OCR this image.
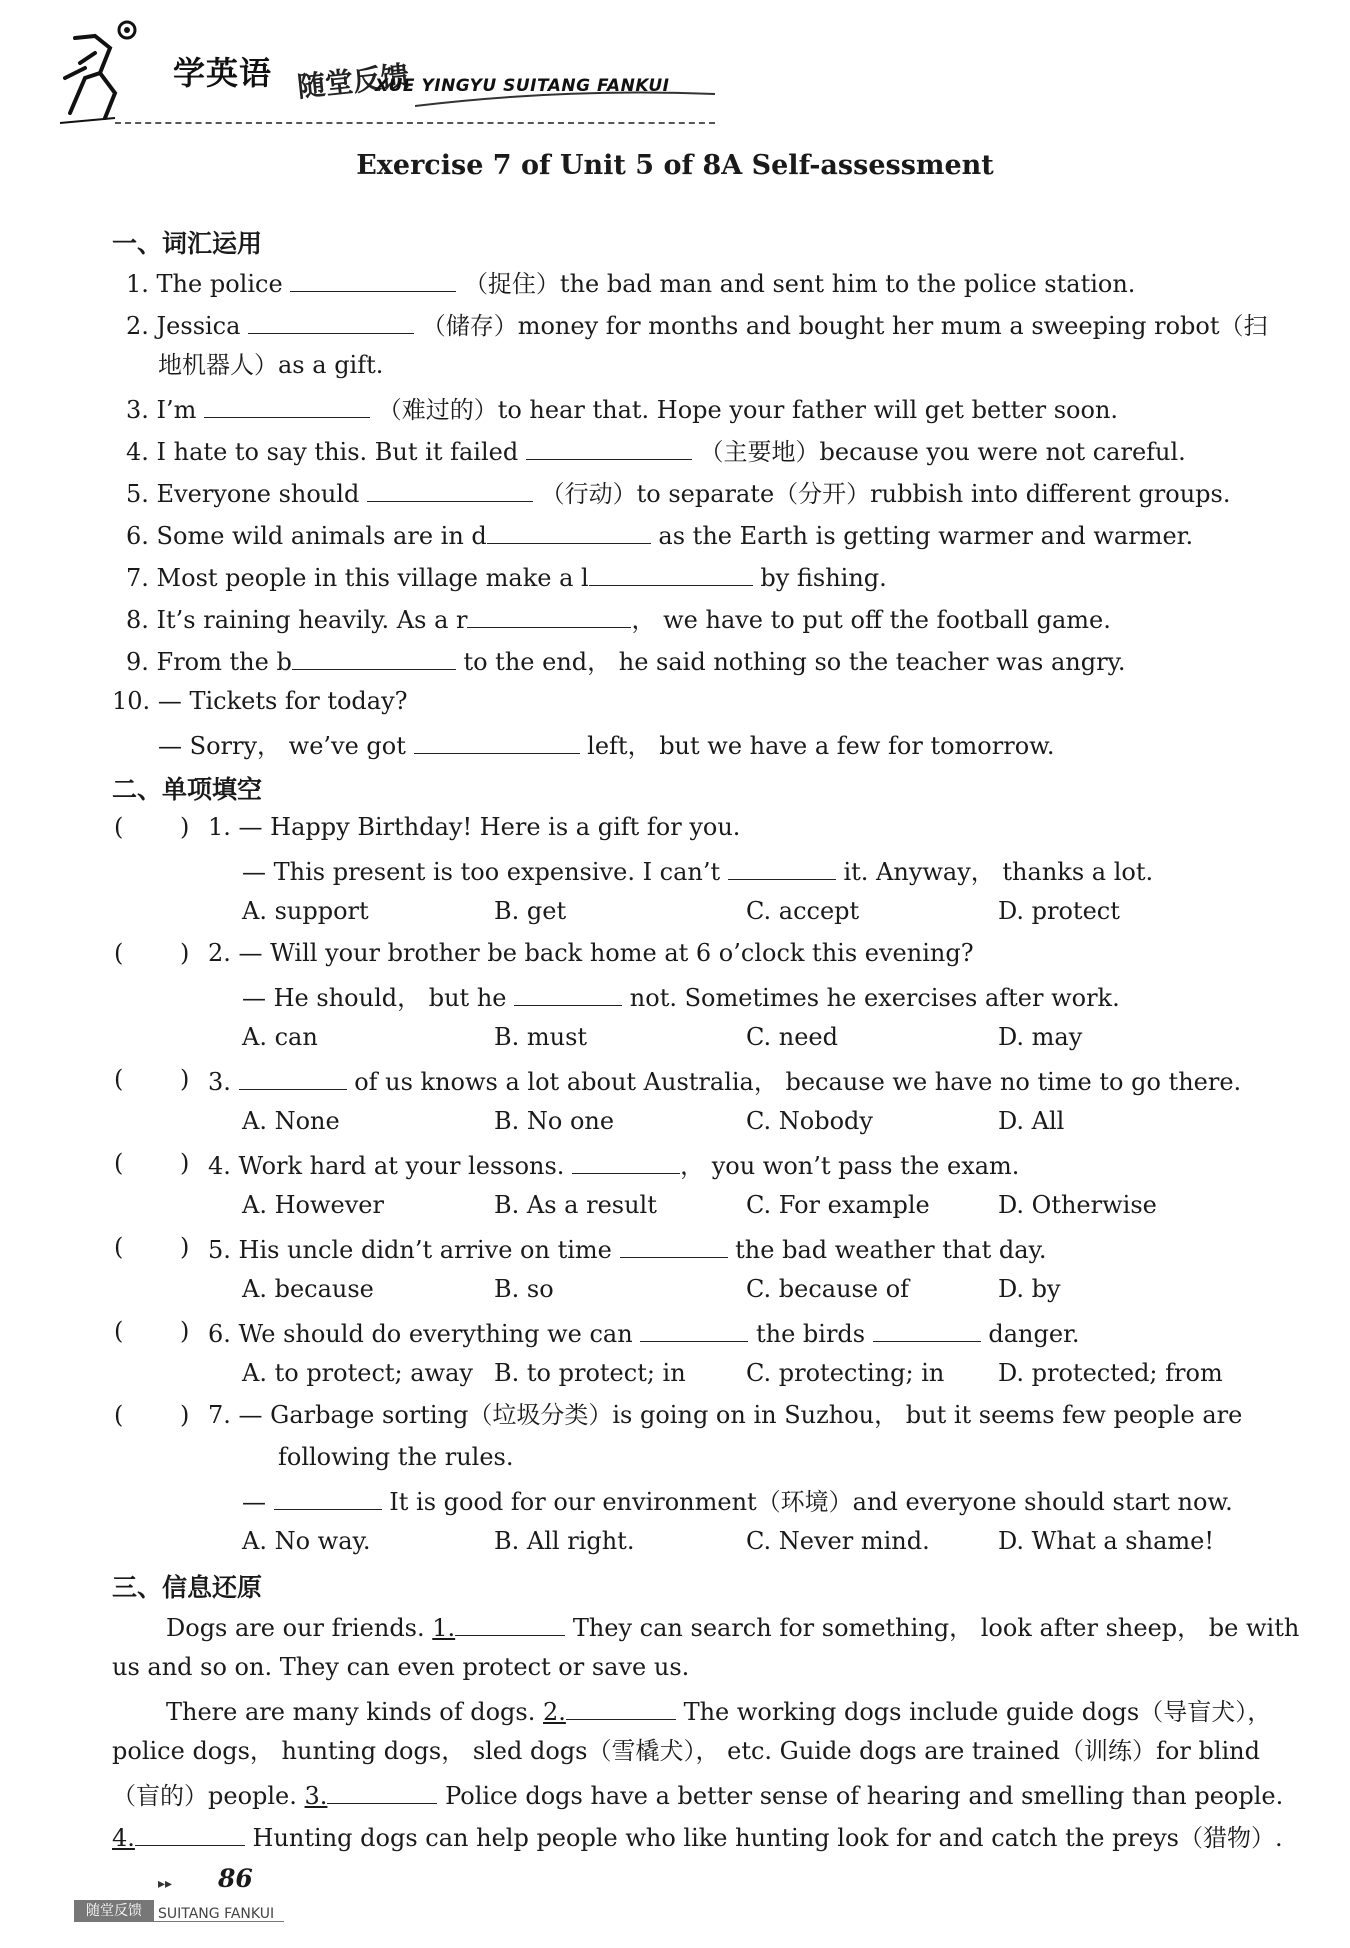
学英语 随堂反馈
XUE YINGYU SUITANG FANKUI
Exercise 7 of Unit 5 of 8A Self-assessment
一、词汇运用
1. The police	（捉住）the bad man and sent him to the police station.
2. Jessica	（储存）money for months and bought her mum a sweeping robot（扫
地机器人）as a gift.
3. I’m	（难过的）to hear that. Hope your father will get better soon.
4. I hate to say this. But it failed	（主要地）because you were not careful.
5. Everyone should	（行动）to separate（分开）rubbish into different groups.
6. Some wild animals are in d	as the Earth is getting warmer and warmer.
7. Most people in this village make a l	by fishing.
8. It’s raining heavily. As a r	， we have to put off the football game.
9. From the b	to the end， he said nothing so the teacher was angry.
10. — Tickets for today?
— Sorry， we’ve got	left， but we have a few for tomorrow.
二、单项填空
( ) 1. — Happy Birthday! Here is a gift for you.
— This present is too expensive. I can’t	it. Anyway， thanks a lot.
A. support	B. get	C. accept	D. protect
( ) 2. — Will your brother be back home at 6 o’clock this evening?
— He should， but he	not. Sometimes he exercises after work.
A. can	B. must	C. need	D. may
( ) 3.	of us knows a lot about Australia， because we have no time to go there.
A. None	B. No one	C. Nobody	D. All
( ) 4. Work hard at your lessons.	， you won’t pass the exam.
A. However	B. As a result	C. For example	D. Otherwise
( ) 5. His uncle didn’t arrive on time	the bad weather that day.
A. because	B. so	C. because of	D. by
( ) 6. We should do everything we can	the birds	danger.
A. to protect; away B. to protect; in	C. protecting; in D. protected; from
( ) 7. — Garbage sorting（垃圾分类）is going on in Suzhou， but it seems few people are
following the rules.
—	It is good for our environment（环境）and everyone should start now.
A. No way.	B. All right.	C. Never mind.	D. What a shame!
三、信息还原
Dogs are our friends. 1.	They can search for something， look after sheep， be with
us and so on. They can even protect or save us.
There are many kinds of dogs. 2.	The working dogs include guide dogs（导盲犬），
police dogs， hunting dogs， sled dogs（雪橇犬）， etc. Guide dogs are trained（训练）for blind
（盲的）people. 3.	Police dogs have a better sense of hearing and smelling than people.
4.	Hunting dogs can help people who like hunting look for and catch the preys（猎物）.
▸▸ 86
随堂反馈	SUITANG FANKUI
